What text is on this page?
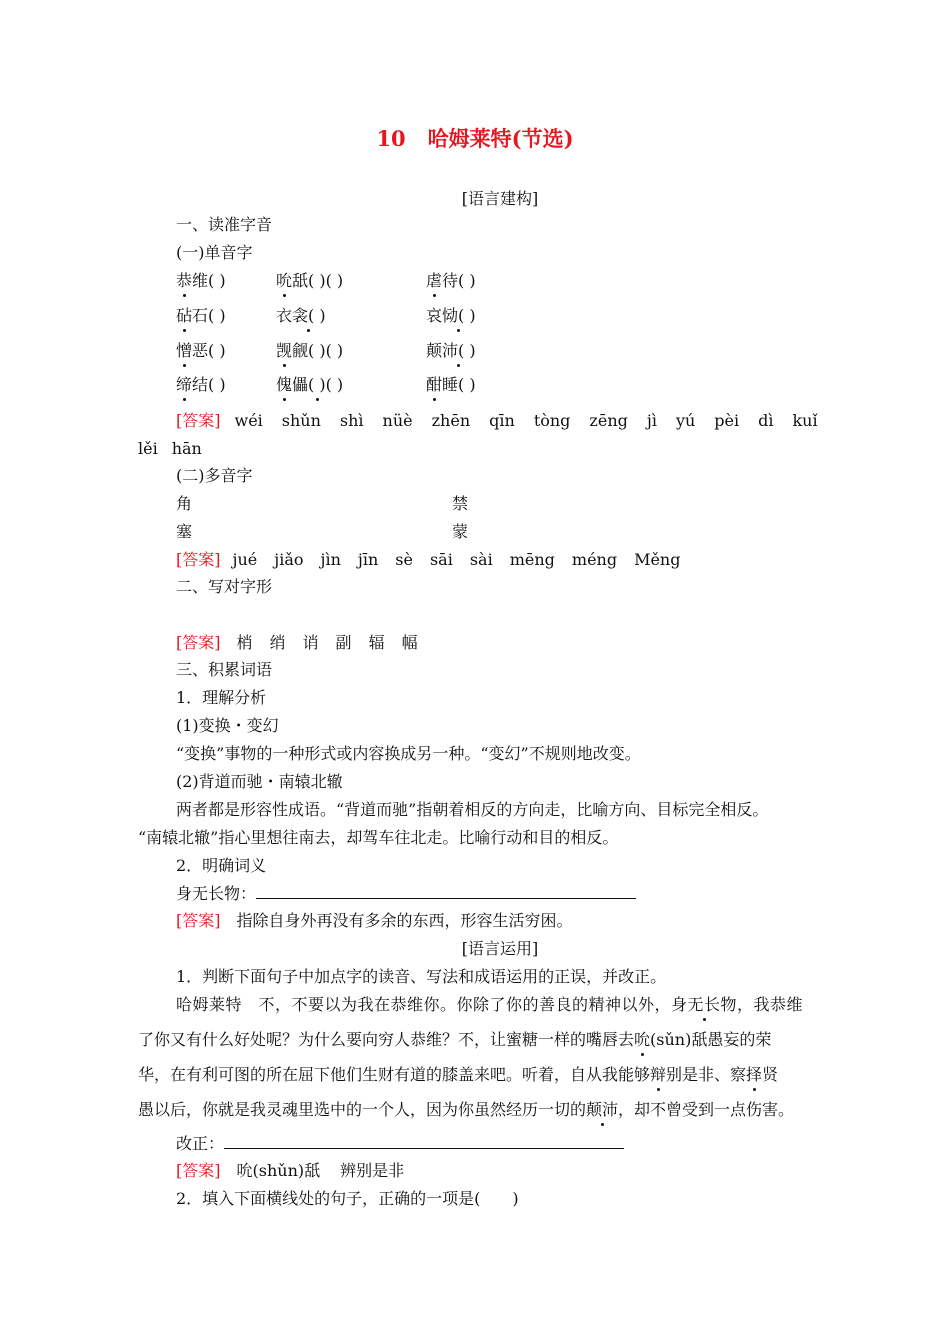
10 哈姆莱特(节选)
[语言建构]
一、读准字音
(一)单音字
恭维( )	吮舐( )( )	虐待( )
砧石( )	衣衾( )	哀恸( )
憎恶( )	觊觎( )( )	颠沛( )
缔结( )	傀儡( )( )	酣睡( )
[答案] wéi shǔn shì nüè zhēn qīn tòng zēng jì yú pèi dì kuǐ
lěi hān
(二)多音字
角	禁
塞	蒙
[答案] jué jiǎo jìn jīn sè sāi sài mēng méng Měng
二、写对字形
[答案] 梢 绡 诮 副 辐 幅
三、积累词语
1．理解分析
(1)变换・变幻
“变换”事物的一种形式或内容换成另一种。“变幻”不规则地改变。
(2)背道而驰・南辕北辙
两者都是形容性成语。“背道而驰”指朝着相反的方向走，比喻方向、目标完全相反。
“南辕北辙”指心里想往南去，却驾车往北走。比喻行动和目的相反。
2．明确词义
身无长物：
[答案] 指除自身外再没有多余的东西，形容生活穷困。
[语言运用]
1．判断下面句子中加点字的读音、写法和成语运用的正误，并改正。
哈姆莱特　不，不要以为我在恭维你。你除了你的善良的精神以外，身无长物，我恭维
了你又有什么好处呢？为什么要向穷人恭维？不，让蜜糖一样的嘴唇去吮(sǔn)舐愚妄的荣
华，在有利可图的所在屈下他们生财有道的膝盖来吧。听着，自从我能够辩别是非、察择贤
愚以后，你就是我灵魂里选中的一个人，因为你虽然经历一切的颠沛，却不曾受到一点伤害。
改正：
[答案] 吮(shǔn)舐 辨别是非
2．填入下面横线处的句子，正确的一项是(　　)
